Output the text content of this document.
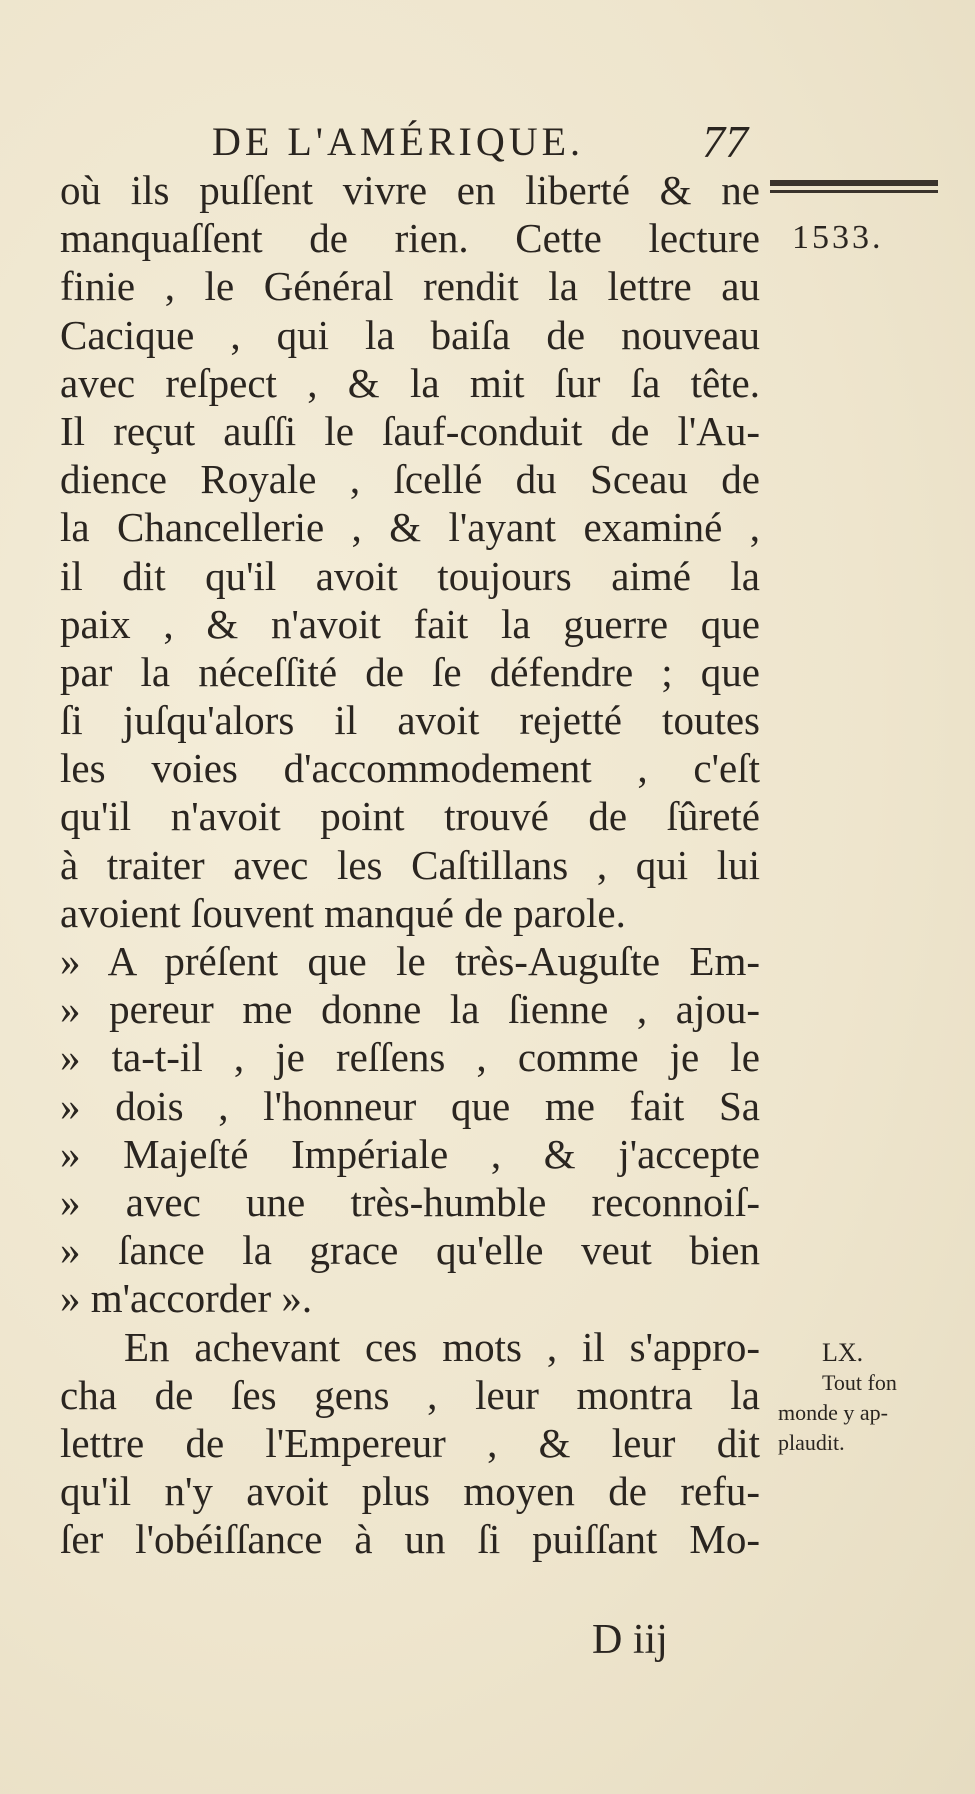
DE L'AMÉRIQUE.	77
1533.
où ils puſſent vivre en liberté & ne
manquaſſent de rien. Cette lecture
finie , le Général rendit la lettre au
Cacique , qui la baiſa de nouveau
avec reſpect , & la mit ſur ſa tête.
Il reçut auſſi le ſauf-conduit de l'Au-
dience Royale , ſcellé du Sceau de
la Chancellerie , & l'ayant examiné ,
il dit qu'il avoit toujours aimé la
paix , & n'avoit fait la guerre que
par la néceſſité de ſe défendre ; que
ſi juſqu'alors il avoit rejetté toutes
les voies d'accommodement , c'eſt
qu'il n'avoit point trouvé de ſûreté
à traiter avec les Caſtillans , qui lui
avoient ſouvent manqué de parole.
» A préſent que le très-Auguſte Em-
» pereur me donne la ſienne , ajou-
» ta-t-il , je reſſens , comme je le
» dois , l'honneur que me fait Sa
» Majeſté Impériale , & j'accepte
» avec une très-humble reconnoiſ-
» ſance la grace qu'elle veut bien
» m'accorder ».
En achevant ces mots , il s'appro-
cha de ſes gens , leur montra la
lettre de l'Empereur , & leur dit
qu'il n'y avoit plus moyen de refu-
ſer l'obéiſſance à un ſi puiſſant Mo-
LX.
Tout fon
monde y ap-
plaudit.
D iij
